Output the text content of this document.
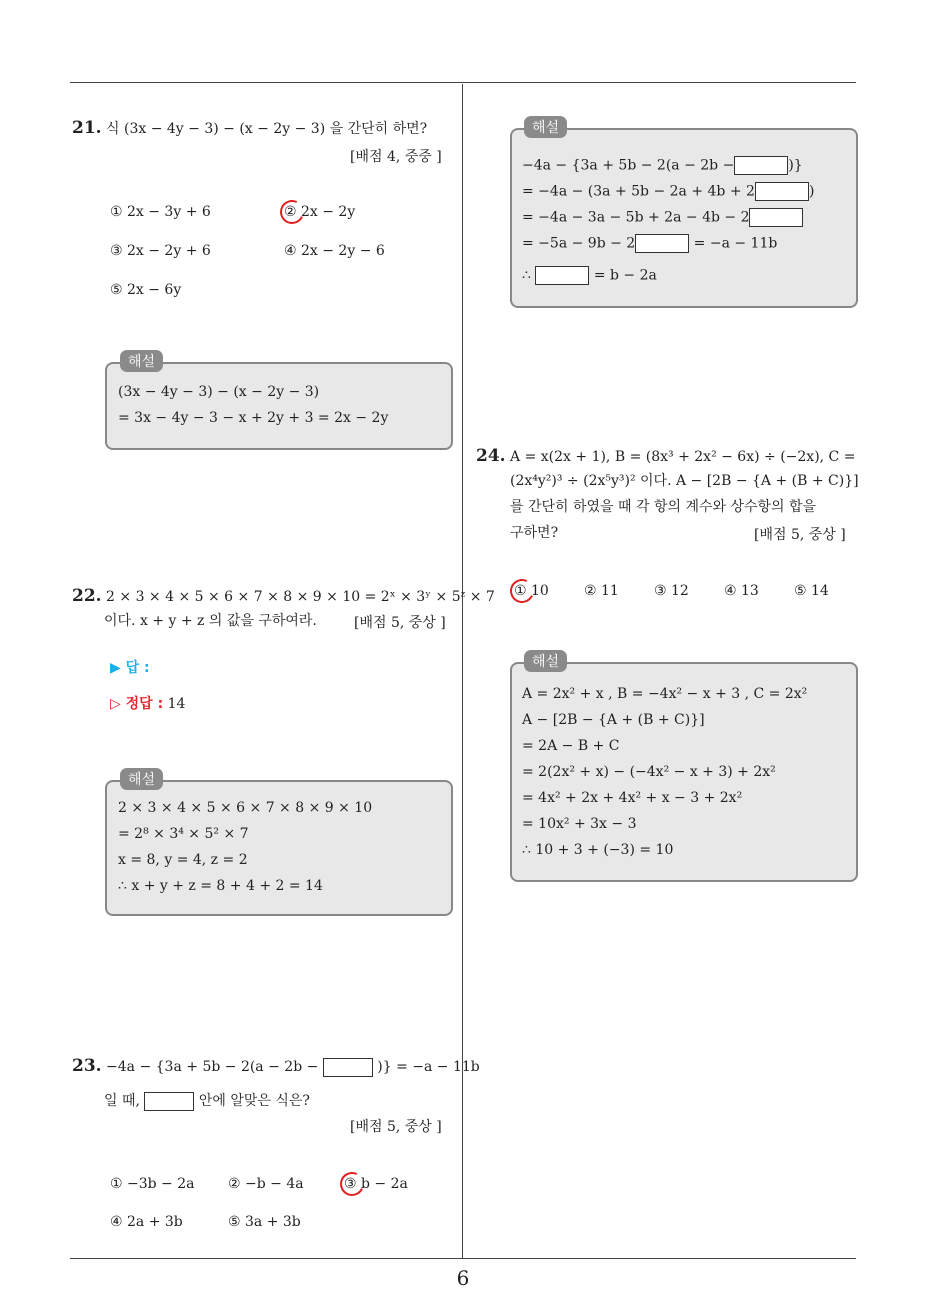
6
21. 식 (3x − 4y − 3) − (x − 2y − 3) 을 간단히 하면?
[배점 4, 중중 ]
① 2x − 3y + 6	② 2x − 2y
③ 2x − 2y + 6	④ 2x − 2y − 6
⑤ 2x − 6y
해설
(3x − 4y − 3) − (x − 2y − 3)
= 3x − 4y − 3 − x + 2y + 3 = 2x − 2y
22. 2 × 3 × 4 × 5 × 6 × 7 × 8 × 9 × 10 = 2ˣ × 3ʸ × 5ᶻ × 7
이다. x + y + z 의 값을 구하여라.	[배점 5, 중상 ]
▶ 답 :
▷ 정답 : 14
해설
2 × 3 × 4 × 5 × 6 × 7 × 8 × 9 × 10
= 2⁸ × 3⁴ × 5² × 7
x = 8, y = 4, z = 2
∴ x + y + z = 8 + 4 + 2 = 14
23. −4a − {3a + 5b − 2(a − 2b −	)} = −a − 11b
일 때,	안에 알맞은 식은?
[배점 5, 중상 ]
① −3b − 2a ② −b − 4a	③ b − 2a
④ 2a + 3b	⑤ 3a + 3b
해설
−4a − {3a + 5b − 2(a − 2b −	)}
= −4a − (3a + 5b − 2a + 4b + 2	)
= −4a − 3a − 5b + 2a − 4b − 2
= −5a − 9b − 2	= −a − 11b
∴	= b − 2a
24. A = x(2x + 1), B = (8x³ + 2x² − 6x) ÷ (−2x), C =
(2x⁴y²)³ ÷ (2x⁵y³)² 이다. A − [2B − {A + (B + C)}]
를 간단히 하였을 때 각 항의 계수와 상수항의 합을
구하면?	[배점 5, 중상 ]
① 10	② 11	③ 12	④ 13	⑤ 14
해설
A = 2x² + x , B = −4x² − x + 3 , C = 2x²
A − [2B − {A + (B + C)}]
= 2A − B + C
= 2(2x² + x) − (−4x² − x + 3) + 2x²
= 4x² + 2x + 4x² + x − 3 + 2x²
= 10x² + 3x − 3
∴ 10 + 3 + (−3) = 10
